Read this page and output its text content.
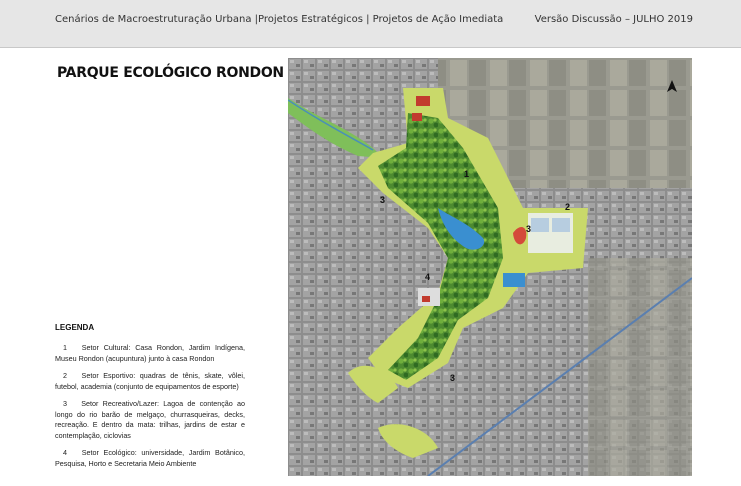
Cenários de Macroestruturação Urbana |Projetos Estratégicos | Projetos de Ação Imediata	Versão Discussão – JULHO 2019
PARQUE ECOLÓGICO RONDON
LEGENDA
1 Setor Cultural: Casa Rondon, Jardim Indígena, Museu Rondon (acupuntura) junto à casa Rondon
2 Setor Esportivo: quadras de tênis, skate, vôlei, futebol, academia (conjunto de equipamentos de esporte)
3 Setor Recreativo/Lazer: Lagoa de contenção ao longo do rio barão de melgaço, churrasqueiras, decks, recreação. E dentro da mata: trilhas, jardins de estar e contemplação, ciclovias
4 Setor Ecológico: universidade, Jardim Botânico, Pesquisa, Horto e Secretaria Meio Ambiente
1
2
3
3
4
3
